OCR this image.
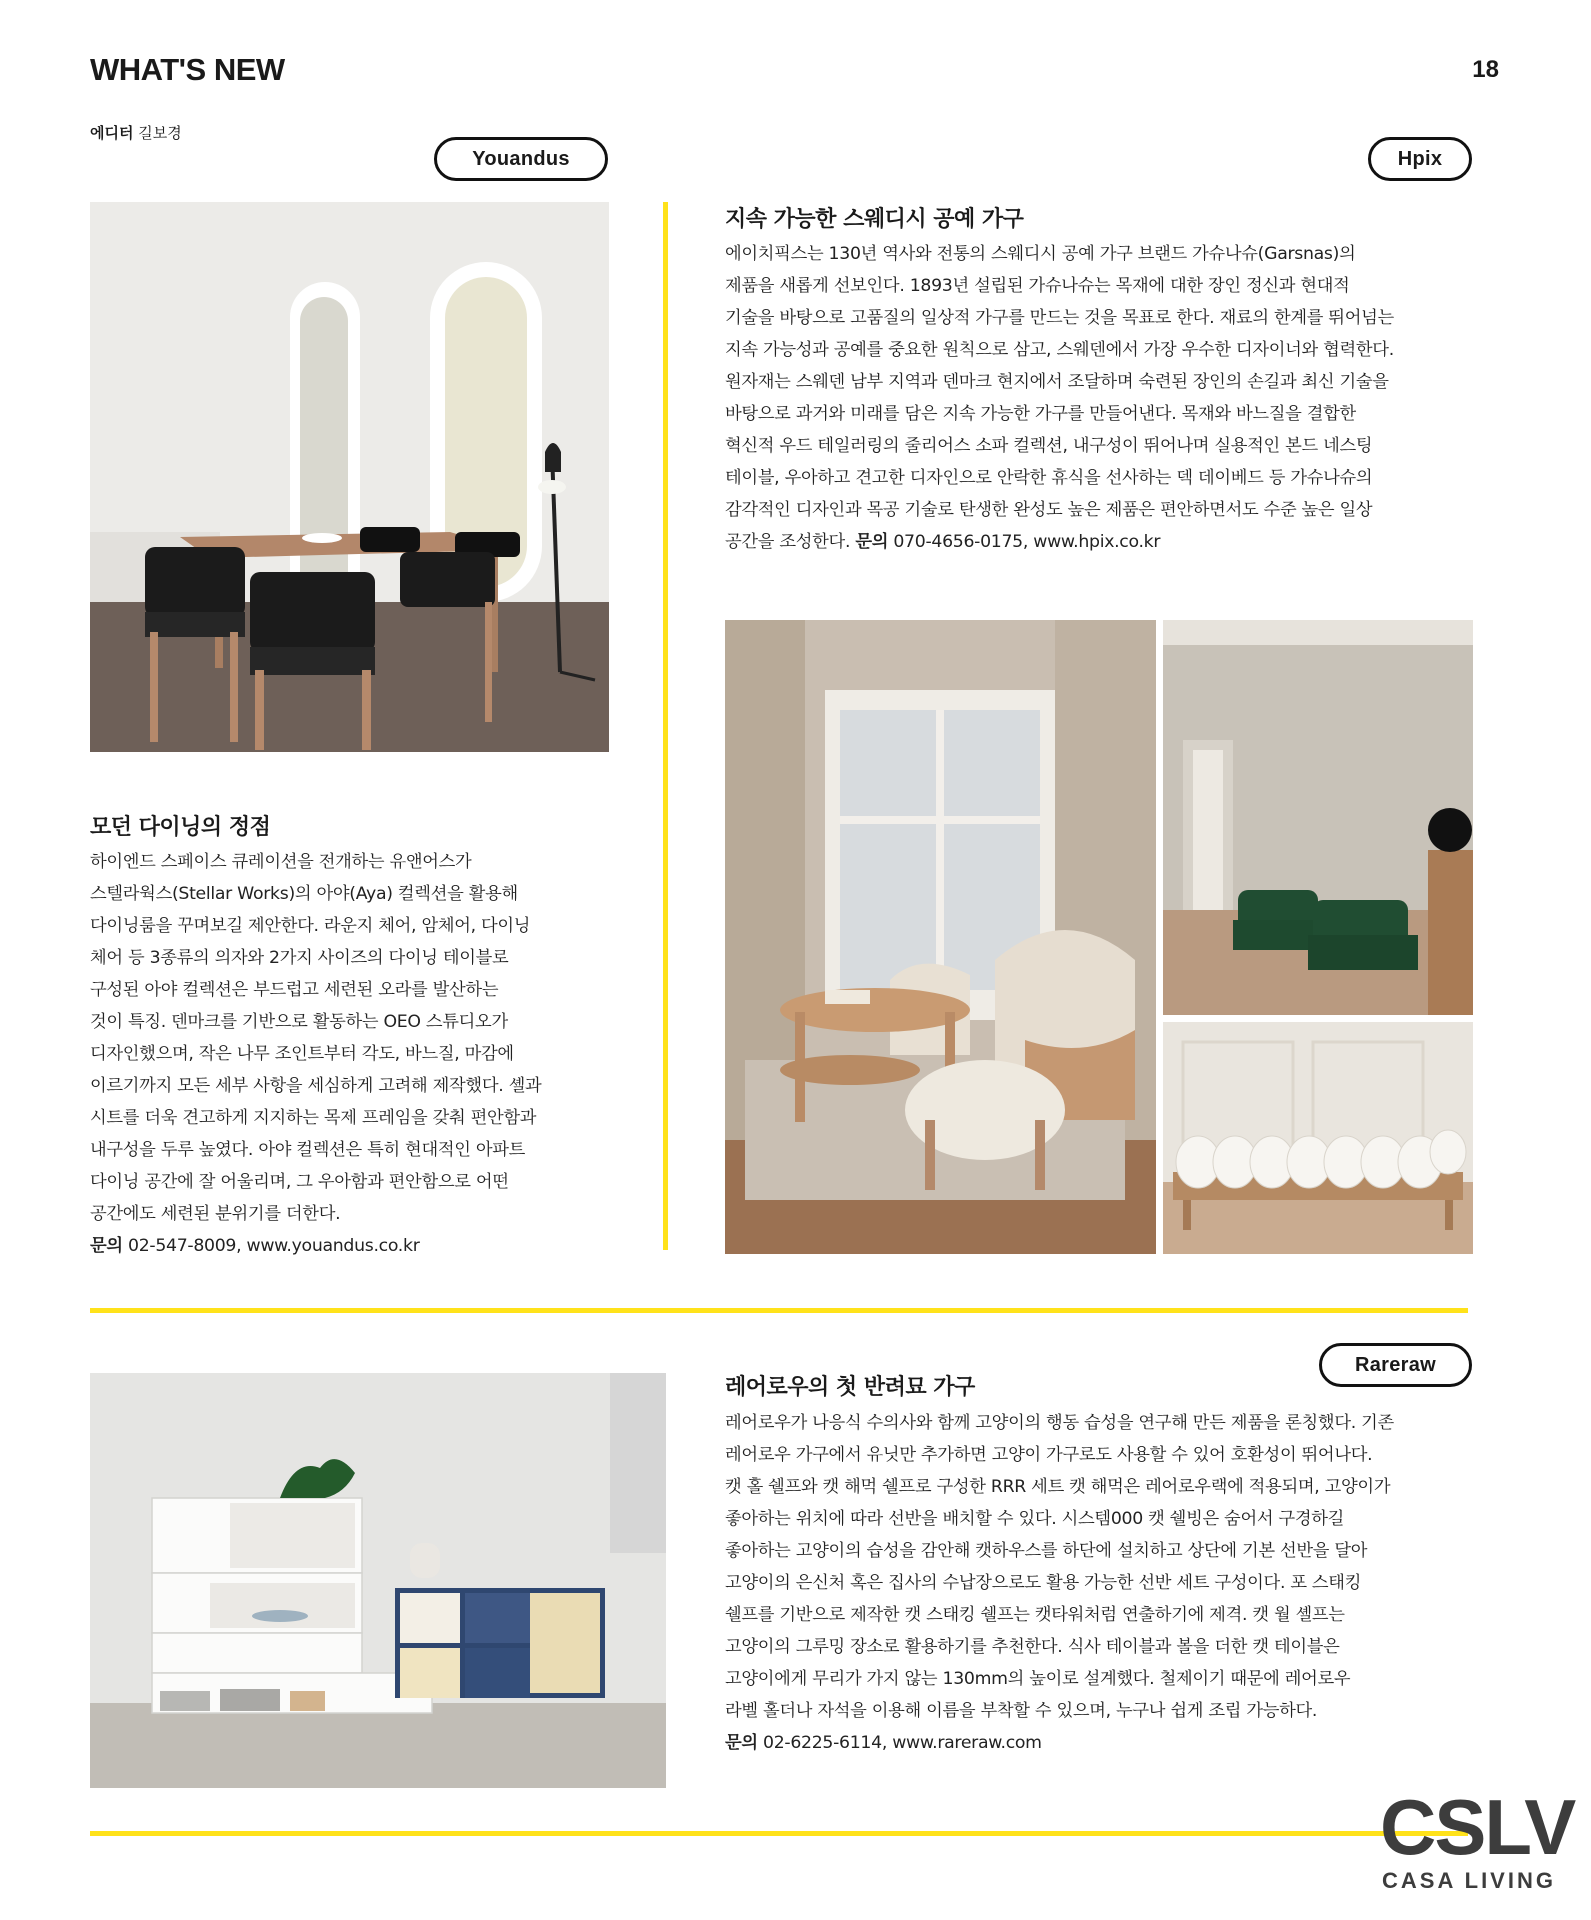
WHAT'S NEW	18
에디터 길보경
Youandus	Hpix
Rareraw
모던 다이닝의 정점
하이엔드 스페이스 큐레이션을 전개하는 유앤어스가
스텔라웍스(Stellar Works)의 아야(Aya) 컬렉션을 활용해
다이닝룸을 꾸며보길 제안한다. 라운지 체어, 암체어, 다이닝
체어 등 3종류의 의자와 2가지 사이즈의 다이닝 테이블로
구성된 아야 컬렉션은 부드럽고 세련된 오라를 발산하는
것이 특징. 덴마크를 기반으로 활동하는 OEO 스튜디오가
디자인했으며, 작은 나무 조인트부터 각도, 바느질, 마감에
이르기까지 모든 세부 사항을 세심하게 고려해 제작했다. 셸과
시트를 더욱 견고하게 지지하는 목제 프레임을 갖춰 편안함과
내구성을 두루 높였다. 아야 컬렉션은 특히 현대적인 아파트
다이닝 공간에 잘 어울리며, 그 우아함과 편안함으로 어떤
공간에도 세련된 분위기를 더한다.
문의 02-547-8009, www.youandus.co.kr
지속 가능한 스웨디시 공예 가구
에이치픽스는 130년 역사와 전통의 스웨디시 공예 가구 브랜드 가슈나슈(Garsnas)의
제품을 새롭게 선보인다. 1893년 설립된 가슈나슈는 목재에 대한 장인 정신과 현대적
기술을 바탕으로 고품질의 일상적 가구를 만드는 것을 목표로 한다. 재료의 한계를 뛰어넘는
지속 가능성과 공예를 중요한 원칙으로 삼고, 스웨덴에서 가장 우수한 디자이너와 협력한다.
원자재는 스웨덴 남부 지역과 덴마크 현지에서 조달하며 숙련된 장인의 손길과 최신 기술을
바탕으로 과거와 미래를 담은 지속 가능한 가구를 만들어낸다. 목재와 바느질을 결합한
혁신적 우드 테일러링의 줄리어스 소파 컬렉션, 내구성이 뛰어나며 실용적인 본드 네스팅
테이블, 우아하고 견고한 디자인으로 안락한 휴식을 선사하는 덱 데이베드 등 가슈나슈의
감각적인 디자인과 목공 기술로 탄생한 완성도 높은 제품은 편안하면서도 수준 높은 일상
공간을 조성한다. 문의 070-4656-0175, www.hpix.co.kr
레어로우의 첫 반려묘 가구
레어로우가 나응식 수의사와 함께 고양이의 행동 습성을 연구해 만든 제품을 론칭했다. 기존
레어로우 가구에서 유닛만 추가하면 고양이 가구로도 사용할 수 있어 호환성이 뛰어나다.
캣 홀 쉘프와 캣 해먹 쉘프로 구성한 RRR 세트 캣 해먹은 레어로우랙에 적용되며, 고양이가
좋아하는 위치에 따라 선반을 배치할 수 있다. 시스템000 캣 쉘빙은 숨어서 구경하길
좋아하는 고양이의 습성을 감안해 캣하우스를 하단에 설치하고 상단에 기본 선반을 달아
고양이의 은신처 혹은 집사의 수납장으로도 활용 가능한 선반 세트 구성이다. 포 스태킹
쉘프를 기반으로 제작한 캣 스태킹 쉘프는 캣타워처럼 연출하기에 제격. 캣 월 셸프는
고양이의 그루밍 장소로 활용하기를 추천한다. 식사 테이블과 볼을 더한 캣 테이블은
고양이에게 무리가 가지 않는 130mm의 높이로 설계했다. 철제이기 때문에 레어로우
라벨 홀더나 자석을 이용해 이름을 부착할 수 있으며, 누구나 쉽게 조립 가능하다.
문의 02-6225-6114, www.rareraw.com
CSLV
CASA LIVING
